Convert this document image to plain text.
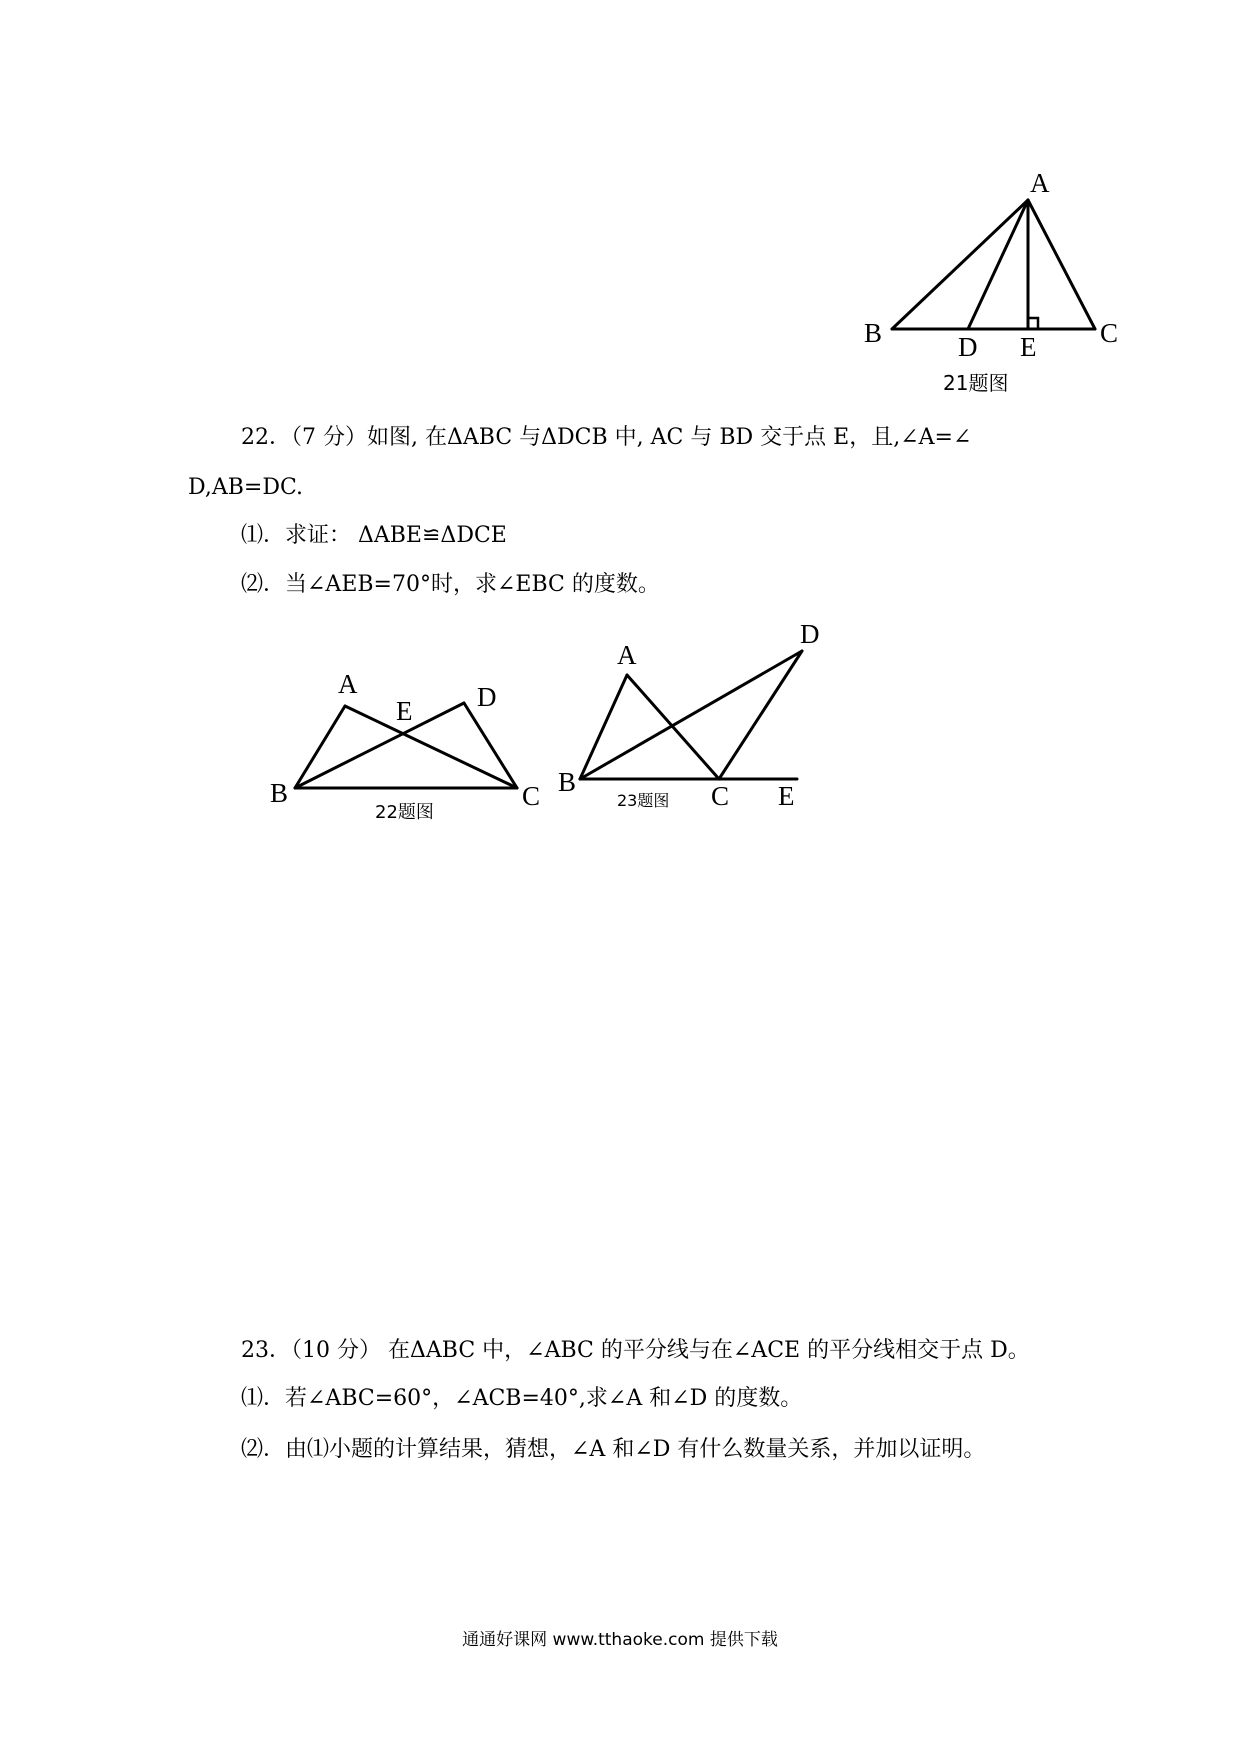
A
B	C
D E
21题图
22．（7 分）如图, 在ΔABC 与ΔDCB 中, AC 与 BD 交于点 E，且,∠A=∠
D,AB=DC.
⑴．求证： ΔABE≌ΔDCE
⑵．当∠AEB=70°时，求∠EBC 的度数。
A
B	C
D
E
22题图
A
B	C
D
E
23题图
23．（10 分） 在ΔABC 中，∠ABC 的平分线与在∠ACE 的平分线相交于点 D。
⑴．若∠ABC=60°，∠ACB=40°,求∠A 和∠D 的度数。
⑵．由⑴小题的计算结果，猜想，∠A 和∠D 有什么数量关系，并加以证明。
通通好课网 www.tthaoke.com 提供下载
